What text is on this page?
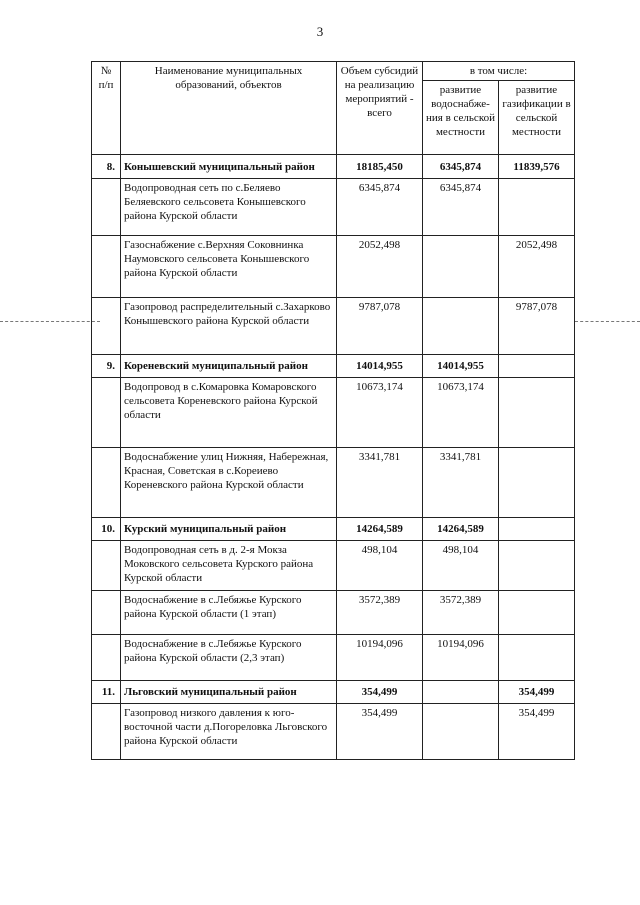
3
№ п/п	Наименование муниципальных образований, объектов	Объем субсидий на реализацию мероприятий - всего	в том числе:	
			развитие водоснабже-ния в сельской местности	развитие газификации в сельской местности
8.	Конышевский муниципальный район	18185,450	6345,874	11839,576
	Водопроводная сеть по с.Беляево Беляевского сельсовета Конышевского района Курской области	6345,874	6345,874	
	Газоснабжение с.Верхняя Соковнинка Наумовского сельсовета Конышевского района Курской области	2052,498		2052,498
	Газопровод распределительный с.Захарково Конышевского района Курской области	9787,078		9787,078
9.	Кореневский муниципальный район	14014,955	14014,955	
	Водопровод в с.Комаровка Комаровского сельсовета Кореневского района Курской области	10673,174	10673,174	
	Водоснабжение улиц Нижняя, Набережная, Красная, Советская в с.Кореиево Кореневского района Курской области	3341,781	3341,781	
10.	Курский муниципальный район	14264,589	14264,589	
	Водопроводная сеть в д. 2-я Мокза Моковского сельсовета Курского района Курской области	498,104	498,104	
	Водоснабжение в с.Лебяжье Курского района Курской области (1 этап)	3572,389	3572,389	
	Водоснабжение в с.Лебяжье Курского района Курской области (2,3 этап)	10194,096	10194,096	
11.	Льговский муниципальный район	354,499		354,499
	Газопровод низкого давления к юго-восточной части д.Погореловка Льговского района Курской области	354,499		354,499
